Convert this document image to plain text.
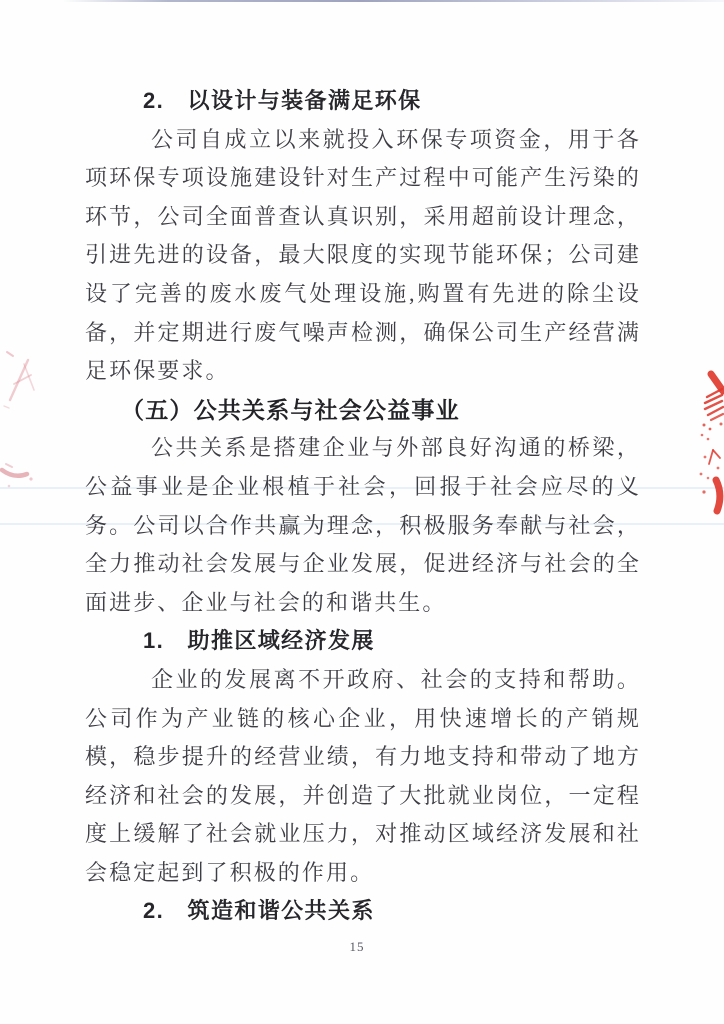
2.　以设计与装备满足环保

公司自成立以来就投入环保专项资金，用于各项环保专项设施建设针对生产过程中可能产生污染的环节，公司全面普查认真识别，采用超前设计理念，引进先进的设备，最大限度的实现节能环保；公司建设了完善的废水废气处理设施,购置有先进的除尘设备，并定期进行废气噪声检测，确保公司生产经营满足环保要求。

（五）公共关系与社会公益事业

公共关系是搭建企业与外部良好沟通的桥梁，公益事业是企业根植于社会，回报于社会应尽的义务。公司以合作共赢为理念，积极服务奉献与社会，全力推动社会发展与企业发展，促进经济与社会的全面进步、企业与社会的和谐共生。

1.　助推区域经济发展

企业的发展离不开政府、社会的支持和帮助。公司作为产业链的核心企业，用快速增长的产销规模，稳步提升的经营业绩，有力地支持和带动了地方经济和社会的发展，并创造了大批就业岗位，一定程度上缓解了社会就业压力，对推动区域经济发展和社会稳定起到了积极的作用。

2.　筑造和谐公共关系
15
